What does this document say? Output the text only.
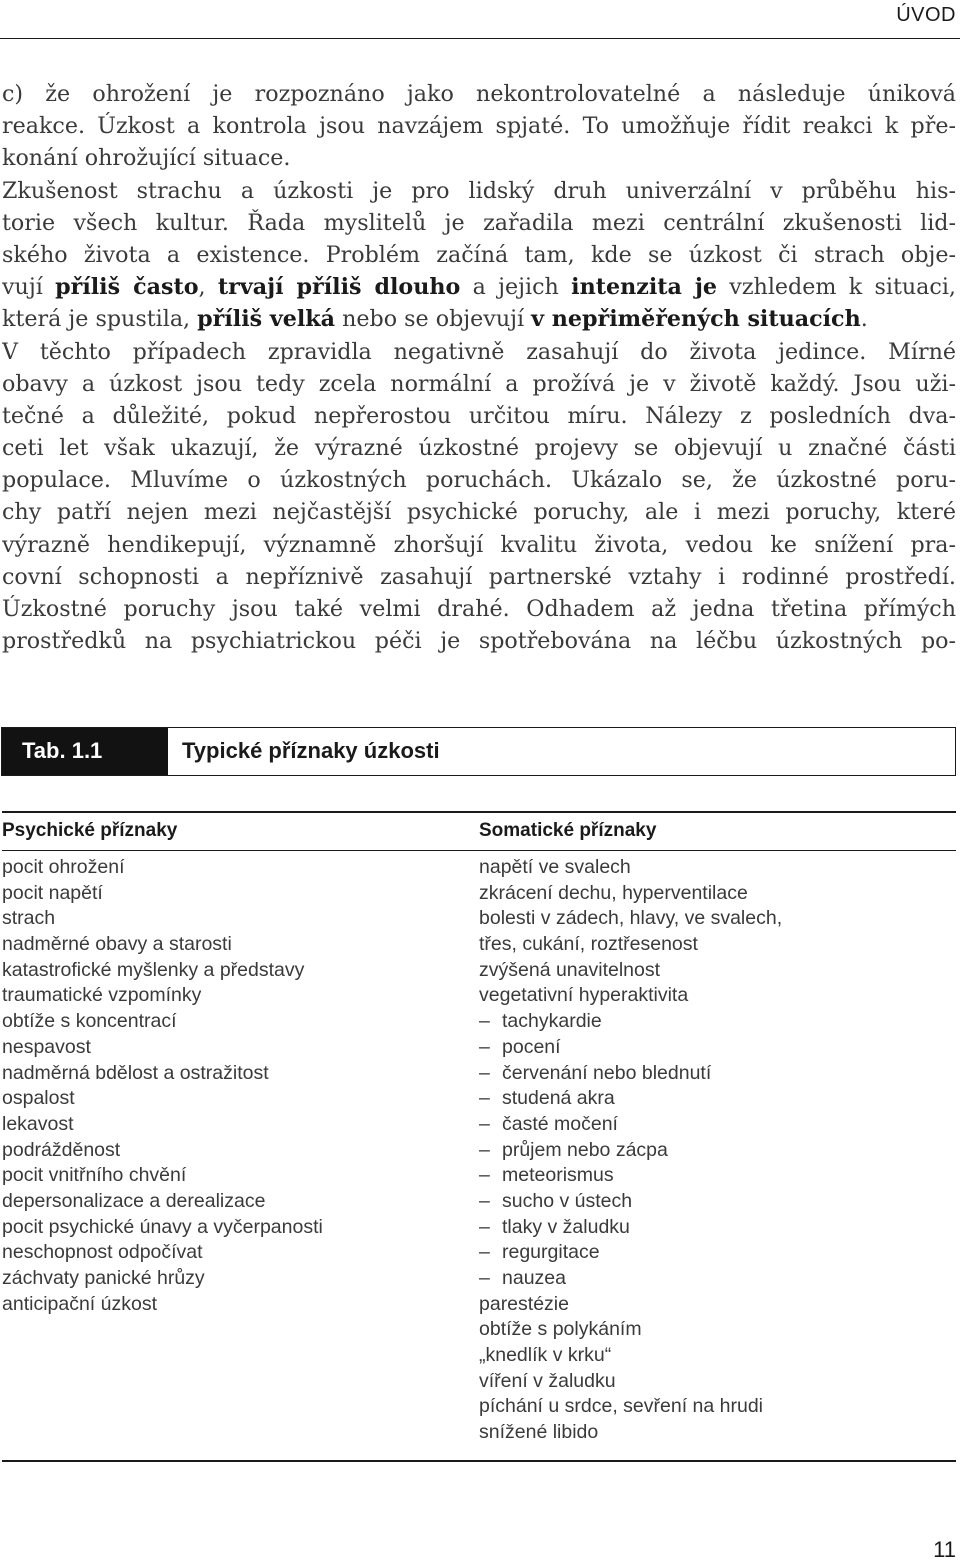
ÚVOD
c) že ohrožení je rozpoznáno jako nekontrolovatelné a následuje úniková
reakce. Úzkost a kontrola jsou navzájem spjaté. To umožňuje řídit reakci k pře-
konání ohrožující situace.
Zkušenost strachu a úzkosti je pro lidský druh univerzální v průběhu his-
torie všech kultur. Řada myslitelů je zařadila mezi centrální zkušenosti lid-
ského života a existence. Problém začíná tam, kde se úzkost či strach obje-
vují příliš často, trvají příliš dlouho a jejich intenzita je vzhledem k situaci,
která je spustila, příliš velká nebo se objevují v nepřiměřených situacích.
V těchto případech zpravidla negativně zasahují do života jedince. Mírné
obavy a úzkost jsou tedy zcela normální a prožívá je v životě každý. Jsou uži-
tečné a důležité, pokud nepřerostou určitou míru. Nálezy z posledních dva-
ceti let však ukazují, že výrazné úzkostné projevy se objevují u značné části
populace. Mluvíme o úzkostných poruchách. Ukázalo se, že úzkostné poru-
chy patří nejen mezi nejčastější psychické poruchy, ale i mezi poruchy, které
výrazně hendikepují, významně zhoršují kvalitu života, vedou ke snížení pra-
covní schopnosti a nepříznivě zasahují partnerské vztahy i rodinné prostředí.
Úzkostné poruchy jsou také velmi drahé. Odhadem až jedna třetina přímých
prostředků na psychiatrickou péči je spotřebována na léčbu úzkostných po-
Tab. 1.1	Typické příznaky úzkosti
Psychické příznaky	Somatické příznaky
pocit ohrožení
pocit napětí
strach
nadměrné obavy a starosti
katastrofické myšlenky a představy
traumatické vzpomínky
obtíže s koncentrací
nespavost
nadměrná bdělost a ostražitost
ospalost
lekavost
podrážděnost
pocit vnitřního chvění
depersonalizace a derealizace
pocit psychické únavy a vyčerpanosti
neschopnost odpočívat
záchvaty panické hrůzy
anticipační úzkost
napětí ve svalech
zkrácení dechu, hyperventilace
bolesti v zádech, hlavy, ve svalech,
třes, cukání, roztřesenost
zvýšená unavitelnost
vegetativní hyperaktivita
– tachykardie
– pocení
– červenání nebo blednutí
– studená akra
– časté močení
– průjem nebo zácpa
– meteorismus
– sucho v ústech
– tlaky v žaludku
– regurgitace
– nauzea
parestézie
obtíže s polykáním
„knedlík v krku“
víření v žaludku
píchání u srdce, sevření na hrudi
snížené libido
11
